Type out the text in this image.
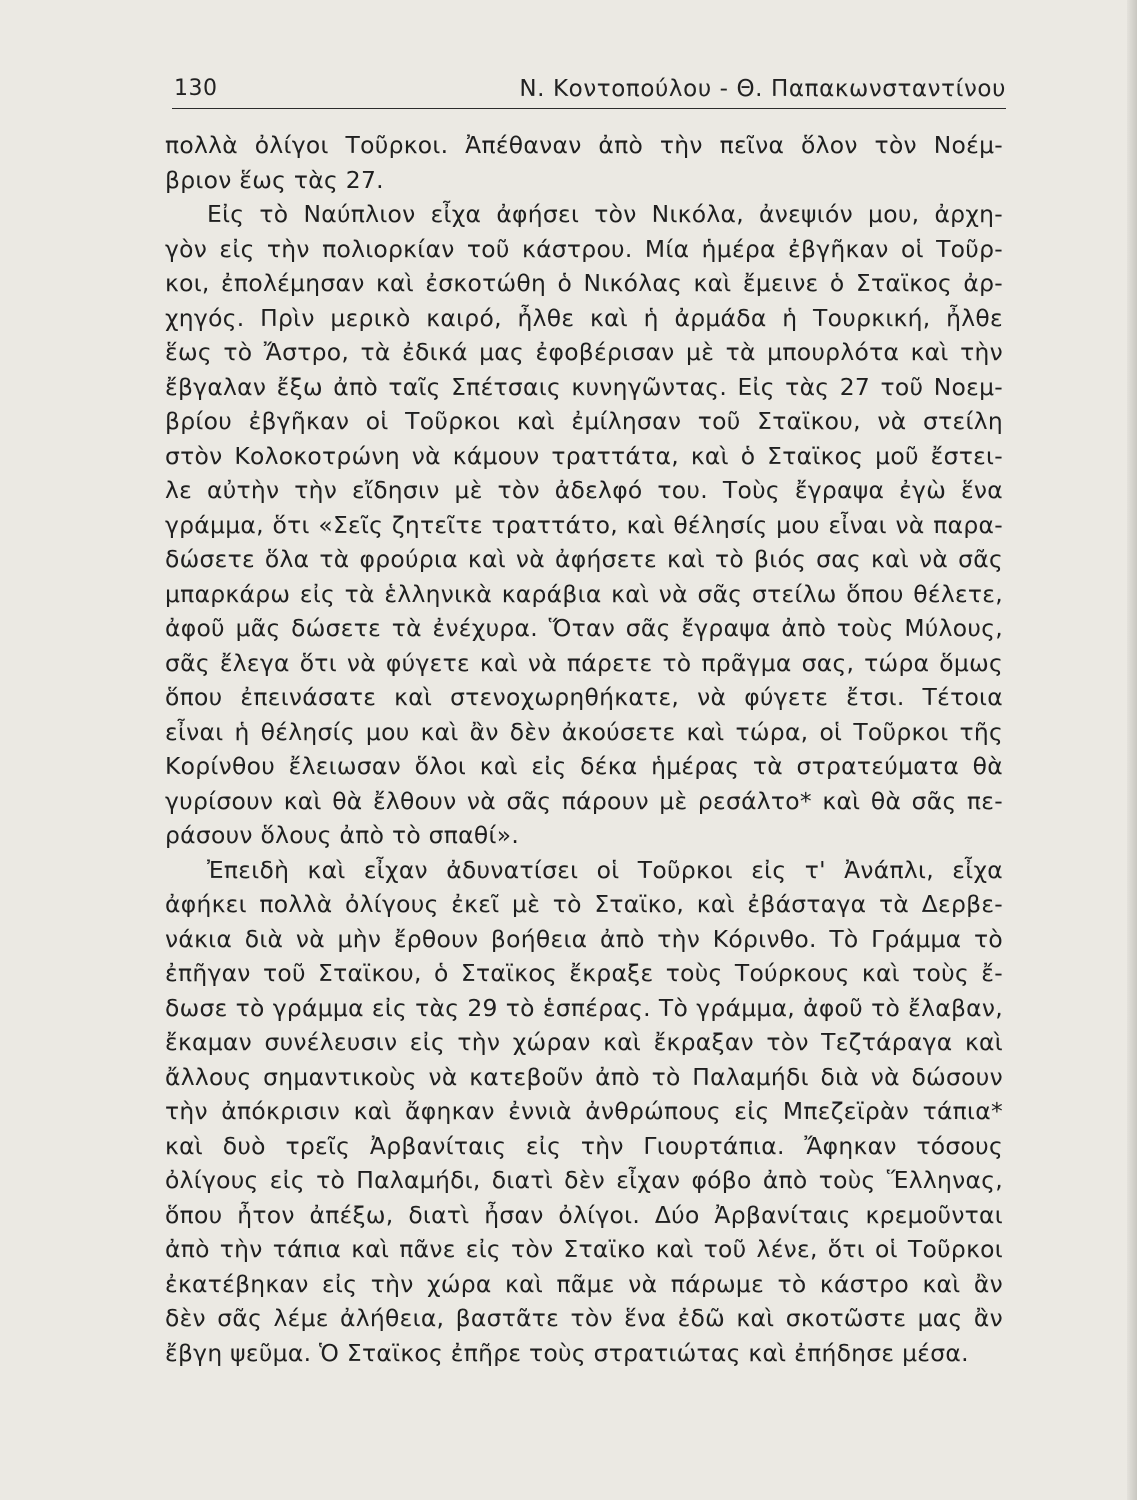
130	Ν. Κοντοπούλου - Θ. Παπακωνσταντίνου
πολλὰ ὀλίγοι Τοῦρκοι. Ἀπέθαναν ἀπὸ τὴν πεῖνα ὅλον τὸν Νοέμ-
βριον ἕως τὰς 27.
Εἰς τὸ Ναύπλιον εἶχα ἀφήσει τὸν Νικόλα, ἀνεψιόν μου, ἀρχη-
γὸν εἰς τὴν πολιορκίαν τοῦ κάστρου. Μία ἡμέρα ἐβγῆκαν οἱ Τοῦρ-
κοι, ἐπολέμησαν καὶ ἐσκοτώθη ὁ Νικόλας καὶ ἔμεινε ὁ Σταϊκος ἀρ-
χηγός. Πρὶν μερικὸ καιρό, ἦλθε καὶ ἡ ἀρμάδα ἡ Τουρκική, ἦλθε
ἕως τὸ Ἄστρο, τὰ ἐδικά μας ἐφοβέρισαν μὲ τὰ μπουρλότα καὶ τὴν
ἔβγαλαν ἔξω ἀπὸ ταῖς Σπέτσαις κυνηγῶντας. Εἰς τὰς 27 τοῦ Νοεμ-
βρίου ἐβγῆκαν οἱ Τοῦρκοι καὶ ἐμίλησαν τοῦ Σταϊκου, νὰ στείλη
στὸν Κολοκοτρώνη νὰ κάμουν τραττάτα, καὶ ὁ Σταϊκος μοῦ ἔστει-
λε αὐτὴν τὴν εἴδησιν μὲ τὸν ἀδελφό του. Τοὺς ἔγραψα ἐγὼ ἕνα
γράμμα, ὅτι «Σεῖς ζητεῖτε τραττάτο, καὶ θέλησίς μου εἶναι νὰ παρα-
δώσετε ὅλα τὰ φρούρια καὶ νὰ ἀφήσετε καὶ τὸ βιός σας καὶ νὰ σᾶς
μπαρκάρω εἰς τὰ ἑλληνικὰ καράβια καὶ νὰ σᾶς στείλω ὅπου θέλετε,
ἀφοῦ μᾶς δώσετε τὰ ἐνέχυρα. Ὅταν σᾶς ἔγραψα ἀπὸ τοὺς Μύλους,
σᾶς ἔλεγα ὅτι νὰ φύγετε καὶ νὰ πάρετε τὸ πρᾶγμα σας, τώρα ὅμως
ὅπου ἐπεινάσατε καὶ στενοχωρηθήκατε, νὰ φύγετε ἔτσι. Τέτοια
εἶναι ἡ θέλησίς μου καὶ ἂν δὲν ἀκούσετε καὶ τώρα, οἱ Τοῦρκοι τῆς
Κορίνθου ἔλειωσαν ὅλοι καὶ εἰς δέκα ἡμέρας τὰ στρατεύματα θὰ
γυρίσουν καὶ θὰ ἔλθουν νὰ σᾶς πάρουν μὲ ρεσάλτο* καὶ θὰ σᾶς πε-
ράσουν ὅλους ἀπὸ τὸ σπαθί».
Ἐπειδὴ καὶ εἶχαν ἀδυνατίσει οἱ Τοῦρκοι εἰς τ' Ἀνάπλι, εἶχα
ἀφήκει πολλὰ ὀλίγους ἐκεῖ μὲ τὸ Σταϊκο, καὶ ἐβάσταγα τὰ Δερβε-
νάκια διὰ νὰ μὴν ἔρθουν βοήθεια ἀπὸ τὴν Κόρινθο. Τὸ Γράμμα τὸ
ἐπῆγαν τοῦ Σταϊκου, ὁ Σταϊκος ἔκραξε τοὺς Τούρκους καὶ τοὺς ἔ-
δωσε τὸ γράμμα εἰς τὰς 29 τὸ ἑσπέρας. Τὸ γράμμα, ἀφοῦ τὸ ἔλαβαν,
ἔκαμαν συνέλευσιν εἰς τὴν χώραν καὶ ἔκραξαν τὸν Τεζτάραγα καὶ
ἄλλους σημαντικοὺς νὰ κατεβοῦν ἀπὸ τὸ Παλαμήδι διὰ νὰ δώσουν
τὴν ἀπόκρισιν καὶ ἄφηκαν ἐννιὰ ἀνθρώπους εἰς Μπεζεϊρὰν τάπια*
καὶ δυὸ τρεῖς Ἀρβανίταις εἰς τὴν Γιουρτάπια. Ἄφηκαν τόσους
ὀλίγους εἰς τὸ Παλαμήδι, διατὶ δὲν εἶχαν φόβο ἀπὸ τοὺς Ἕλληνας,
ὅπου ἦτον ἀπέξω, διατὶ ἦσαν ὀλίγοι. Δύο Ἀρβανίταις κρεμοῦνται
ἀπὸ τὴν τάπια καὶ πᾶνε εἰς τὸν Σταϊκο καὶ τοῦ λένε, ὅτι οἱ Τοῦρκοι
ἐκατέβηκαν εἰς τὴν χώρα καὶ πᾶμε νὰ πάρωμε τὸ κάστρο καὶ ἂν
δὲν σᾶς λέμε ἀλήθεια, βαστᾶτε τὸν ἕνα ἐδῶ καὶ σκοτῶστε μας ἂν
ἔβγη ψεῦμα. Ὁ Σταϊκος ἐπῆρε τοὺς στρατιώτας καὶ ἐπήδησε μέσα.
